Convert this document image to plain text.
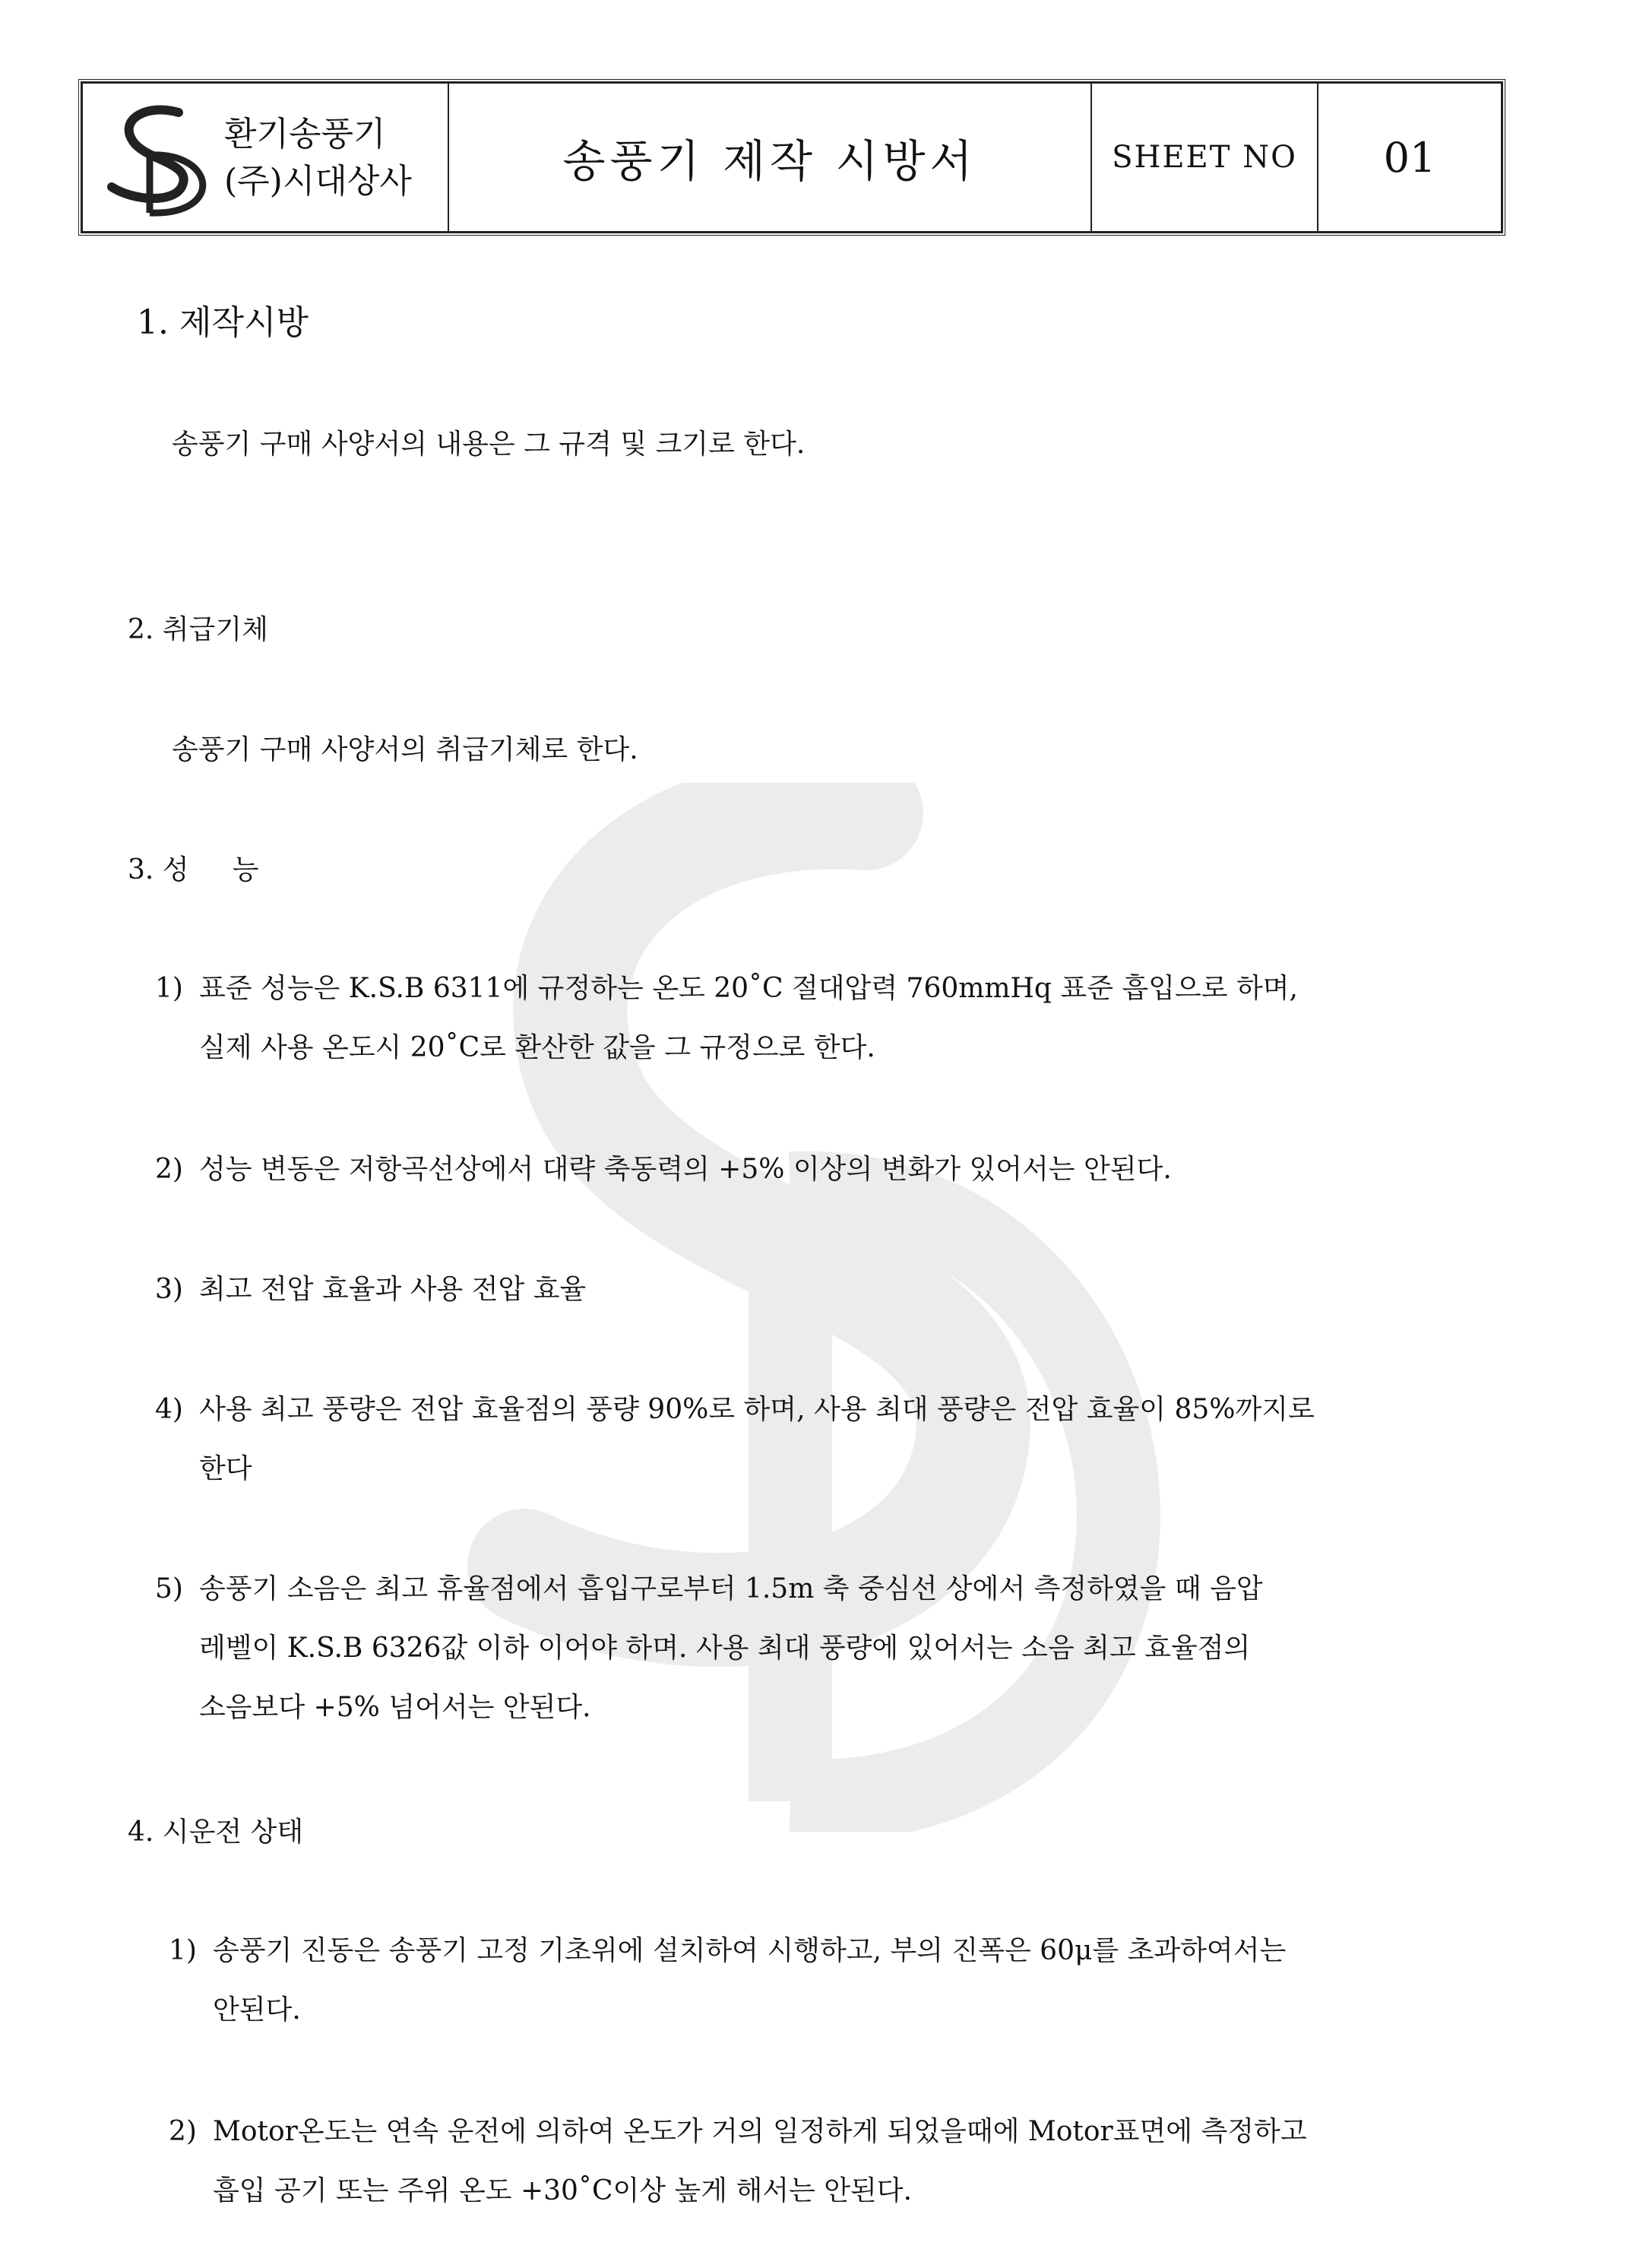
환기송풍기
(주)시대상사	송풍기 제작 시방서	SHEET NO	01
1. 제작시방
송풍기 구매 사양서의 내용은 그 규격 및 크기로 한다.
2. 취급기체
송풍기 구매 사양서의 취급기체로 한다.
3. 성     능
1) 표준 성능은 K.S.B 6311에 규정하는 온도 20˚C 절대압력 760mmHq 표준 흡입으로 하며,
실제 사용 온도시 20˚C로 환산한 값을 그 규정으로 한다.
2) 성능 변동은 저항곡선상에서 대략 축동력의 +5% 이상의 변화가 있어서는 안된다.
3) 최고 전압 효율과 사용 전압 효율
4) 사용 최고 풍량은 전압 효율점의 풍량 90%로 하며, 사용 최대 풍량은 전압 효율이 85%까지로
한다
5) 송풍기 소음은 최고 휴율점에서 흡입구로부터 1.5m 축 중심선 상에서 측정하였을 때 음압
레벨이 K.S.B 6326값 이하 이어야 하며. 사용 최대 풍량에 있어서는 소음 최고 효율점의
소음보다 +5% 넘어서는 안된다.
4. 시운전 상태
1) 송풍기 진동은 송풍기 고정 기초위에 설치하여 시행하고, 부의 진폭은 60μ를 초과하여서는
안된다.
2) Motor온도는 연속 운전에 의하여 온도가 거의 일정하게 되었을때에 Motor표면에 측정하고
흡입 공기 또는 주위 온도 +30˚C이상 높게 해서는 안된다.
